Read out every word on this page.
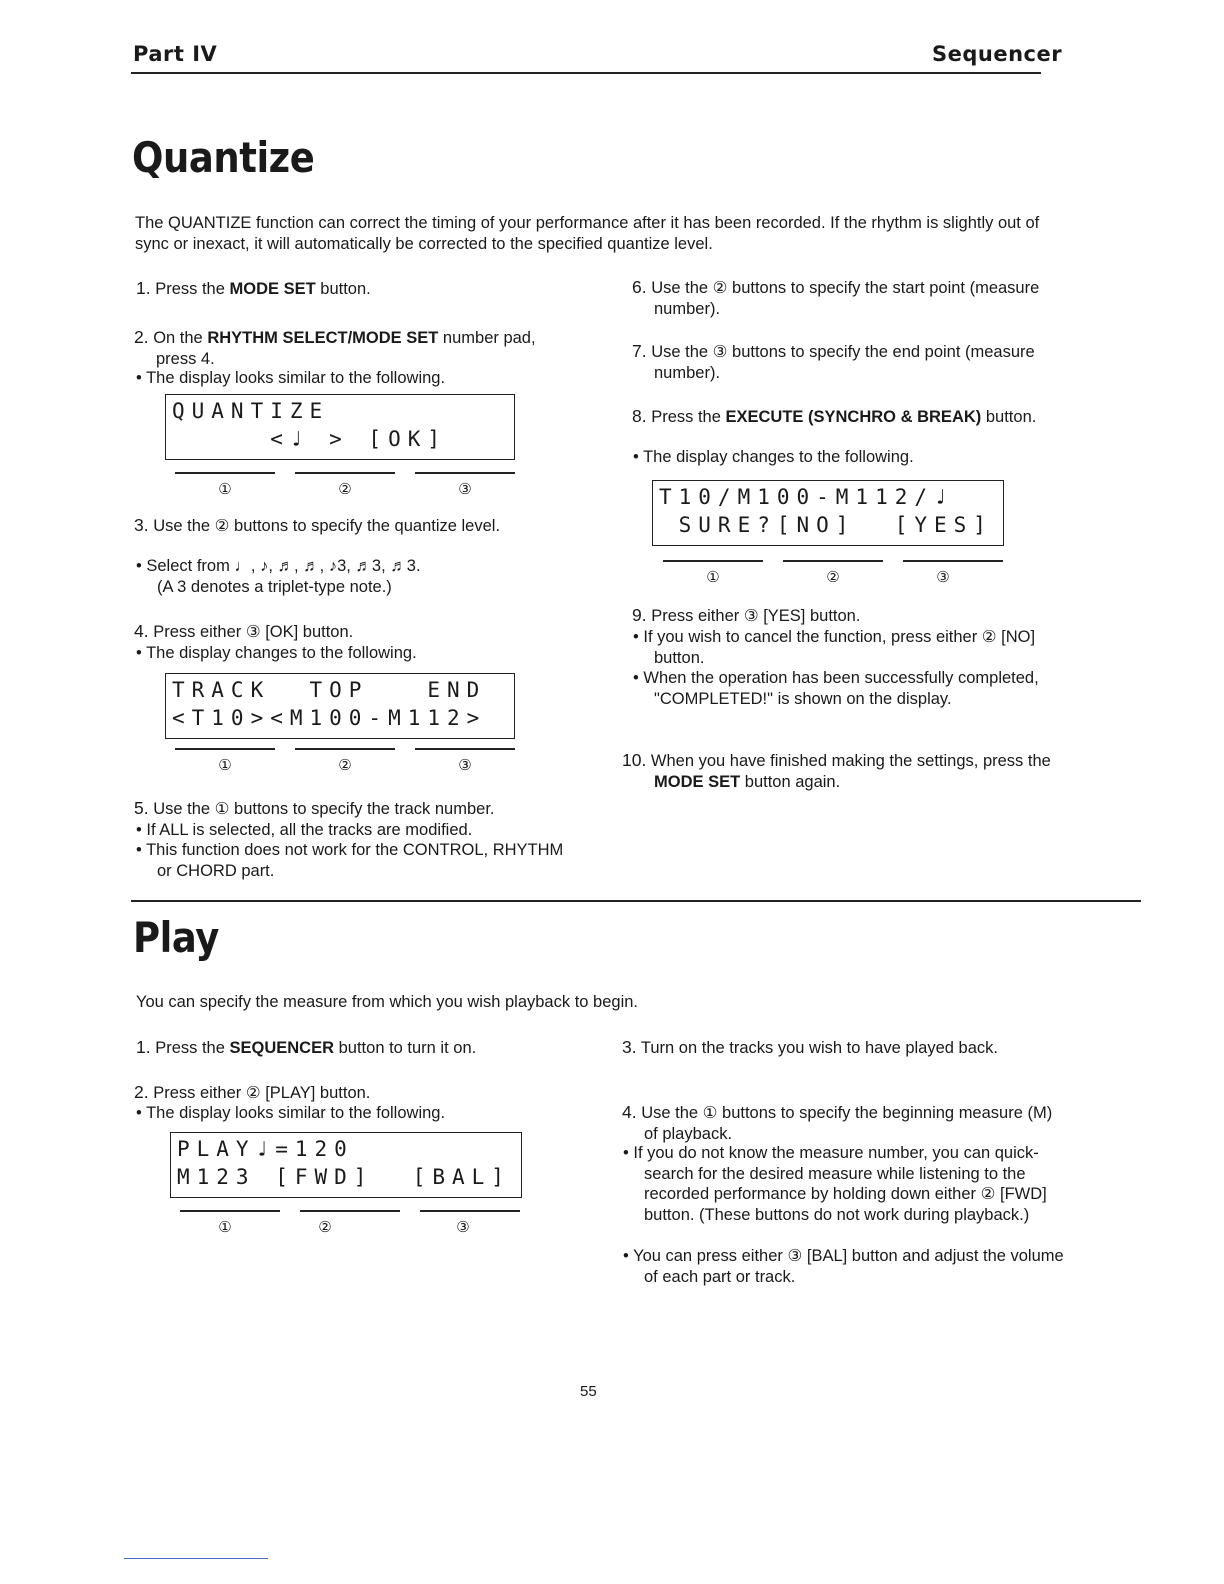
Part IV	Sequencer
Quantize
The QUANTIZE function can correct the timing of your performance after it has been recorded. If the rhythm is slightly out of sync or inexact, it will automatically be corrected to the specified quantize level.
1. Press the MODE SET button.
2. On the RHYTHM SELECT/MODE SET number pad, press 4.
• The display looks similar to the following.
QUANTIZE
<♩ > [OK]
①	②	③
3. Use the ② buttons to specify the quantize level.
• Select from ♩, ♪, ♬, ♬, ♪3, ♬3, ♬3.
(A 3 denotes a triplet-type note.)
4. Press either ③ [OK] button.
• The display changes to the following.
TRACK  TOP   END
<T10><M100-M112>
①	②	③
5. Use the ① buttons to specify the track number.
• If ALL is selected, all the tracks are modified.
• This function does not work for the CONTROL, RHYTHM or CHORD part.
6. Use the ② buttons to specify the start point (measure number).
7. Use the ③ buttons to specify the end point (measure number).
8. Press the EXECUTE (SYNCHRO & BREAK) button.
• The display changes to the following.
T10/M100-M112/♩
SURE?[NO]  [YES]
①	②	③
9. Press either ③ [YES] button.
• If you wish to cancel the function, press either ② [NO] button.
• When the operation has been successfully completed, "COMPLETED!" is shown on the display.
10. When you have finished making the settings, press the MODE SET button again.
Play
You can specify the measure from which you wish playback to begin.
1. Press the SEQUENCER button to turn it on.
2. Press either ② [PLAY] button.
• The display looks similar to the following.
PLAY♩=120
M123 [FWD]  [BAL]
①	②	③
3. Turn on the tracks you wish to have played back.
4. Use the ① buttons to specify the beginning measure (M) of playback.
• If you do not know the measure number, you can quick-search for the desired measure while listening to the recorded performance by holding down either ② [FWD] button. (These buttons do not work during playback.)
• You can press either ③ [BAL] button and adjust the volume of each part or track.
55
